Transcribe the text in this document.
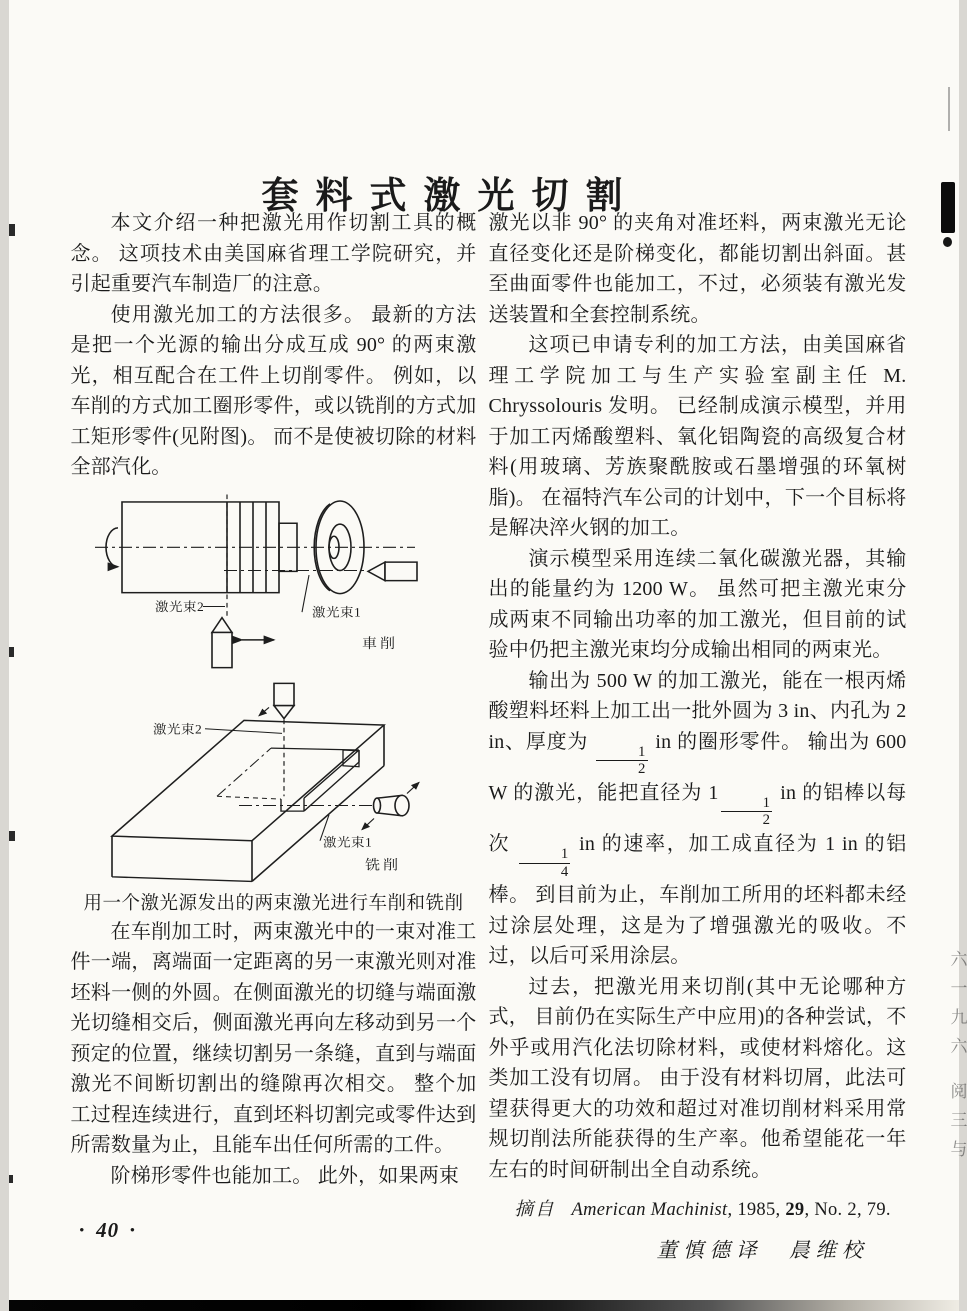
套料式激光切割

本文介绍一种把激光用作切割工具的概念。 这项技术由美国麻省理工学院研究，并引起重要汽车制造厂的注意。

使用激光加工的方法很多。 最新的方法是把一个光源的输出分成互成 90° 的两束激光，相互配合在工件上切削零件。 例如，以车削的方式加工圈形零件，或以铣削的方式加工矩形零件(见附图)。 而不是使被切除的材料全部汽化。

激光束2	激光束1
車削
激光束2
激光束1
铣削
用一个激光源发出的两束激光进行车削和铣削

在车削加工时，两束激光中的一束对准工件一端，离端面一定距离的另一束激光则对准坯料一侧的外圆。在侧面激光的切缝与端面激光切缝相交后，侧面激光再向左移动到另一个预定的位置，继续切割另一条缝，直到与端面激光不间断切割出的缝隙再次相交。 整个加工过程连续进行，直到坯料切割完或零件达到所需数量为止，且能车出任何所需的工件。

阶梯形零件也能加工。 此外，如果两束

激光以非 90° 的夹角对准坯料，两束激光无论直径变化还是阶梯变化，都能切割出斜面。甚至曲面零件也能加工，不过，必须装有激光发送装置和全套控制系统。

这项已申请专利的加工方法，由美国麻省理工学院加工与生产实验室副主任 M. Chryssolouris 发明。 已经制成演示模型，并用于加工丙烯酸塑料、氧化铝陶瓷的高级复合材料(用玻璃、芳族聚酰胺或石墨增强的环氧树脂)。 在福特汽车公司的计划中，下一个目标将是解决淬火钢的加工。

演示模型采用连续二氧化碳激光器，其输出的能量约为 1200 W。 虽然可把主激光束分成两束不同输出功率的加工激光，但目前的试验中仍把主激光束均分成输出相同的两束光。

输出为 500 W 的加工激光，能在一根丙烯酸塑料坯料上加工出一批外圆为 3 in、内孔为 2 in、厚度为
$\frac{1}{2}$
in 的圈形零件。 输出为 600 W 的激光，能把直径为 1
$\frac{1}{2}$
in 的铝棒以每次
$\frac{1}{4}$
in 的速率，加工成直径为 1 in 的铝棒。 到目前为止，车削加工所用的坯料都未经过涂层处理，这是为了增强激光的吸收。不过，以后可采用涂层。

过去，把激光用来切削(其中无论哪种方式， 目前仍在实际生产中应用)的各种尝试，不外乎或用汽化法切除材料，或使材料熔化。这类加工没有切屑。 由于没有材料切屑，此法可望获得更大的功效和超过对准切削材料采用常规切削法所能获得的生产率。他希望能花一年左右的时间研制出全自动系统。

摘自 American Machinist, 1985, 29, No. 2, 79.
董慎德译　晨维校
• 40 •
六一九六 阅三与
